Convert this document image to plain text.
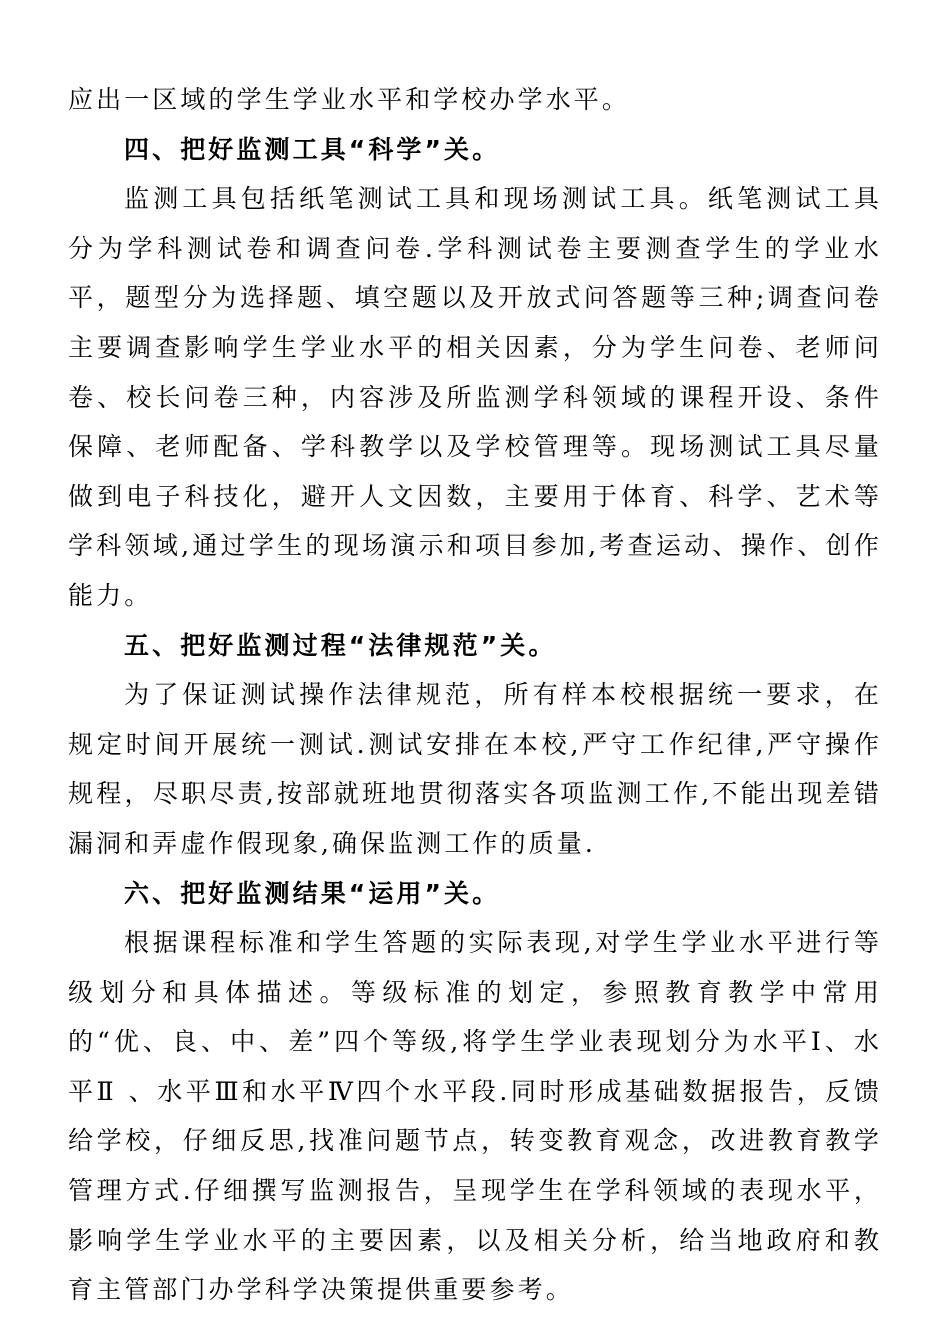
应出一区域的学生学业水平和学校办学水平。

四、把好监测工具“科学”关。

监测工具包括纸笔测试工具和现场测试工具。纸笔测试工具分为学科测试卷和调查问卷.学科测试卷主要测查学生的学业水平，题型分为选择题、填空题以及开放式问答题等三种;调查问卷主要调查影响学生学业水平的相关因素，分为学生问卷、老师问卷、校长问卷三种，内容涉及所监测学科领域的课程开设、条件保障、老师配备、学科教学以及学校管理等。现场测试工具尽量做到电子科技化，避开人文因数，主要用于体育、科学、艺术等学科领域,通过学生的现场演示和项目参加,考查运动、操作、创作能力。

五、把好监测过程“法律规范”关。

为了保证测试操作法律规范，所有样本校根据统一要求，在规定时间开展统一测试.测试安排在本校,严守工作纪律,严守操作规程，尽职尽责,按部就班地贯彻落实各项监测工作,不能出现差错漏洞和弄虚作假现象,确保监测工作的质量.

六、把好监测结果“运用”关。

根据课程标准和学生答题的实际表现,对学生学业水平进行等级划分和具体描述。等级标准的划定，参照教育教学中常用的“优、良、中、差”四个等级,将学生学业表现划分为水平Ⅰ、水平Ⅱ 、水平Ⅲ和水平Ⅳ四个水平段.同时形成基础数据报告，反馈给学校，仔细反思,找准问题节点，转变教育观念，改进教育教学管理方式.仔细撰写监测报告，呈现学生在学科领域的表现水平，影响学生学业水平的主要因素，以及相关分析，给当地政府和教育主管部门办学科学决策提供重要参考。
